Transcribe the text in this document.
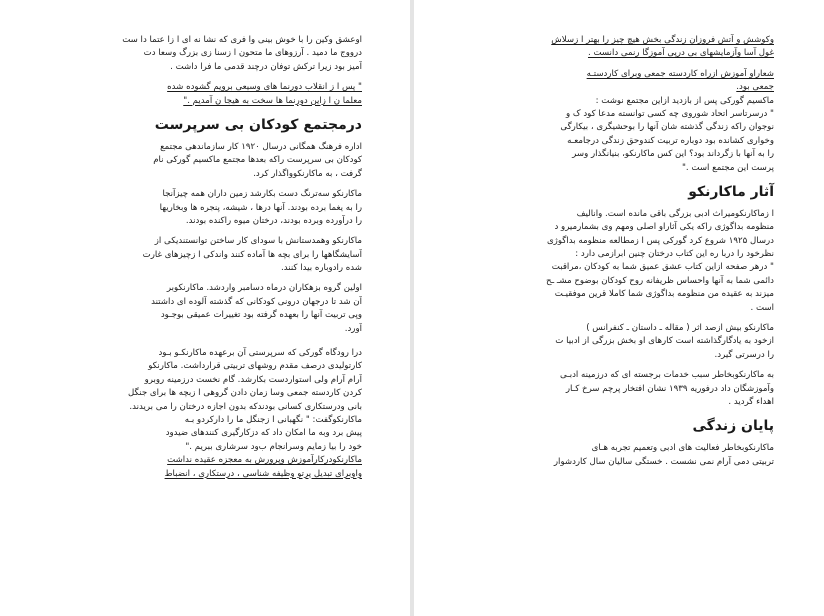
اوعشق وكين را با خوش بينى وا فرى كه نشا نه ای ا زا عتما دا ست
درووج ما دمید . آرزوهای ما متحون ا زسنا زی بزرگ وسعا دت
آمیز بود زیرا ترکش توفان درچند قدمی ما فرا داشت .
" پس ا ز انقلاب دورنما های وسیعی برویم گشوده شده
معلما ن ا زاین دورنما ها سخت به هیجا ن آمدیم ."
درمجتمع کودکان بی سرپرست
اداره فرهنگ همگانی درسال ۱۹۲۰ کار سازماندهی مجتمع
کودکان بی سرپرست راکه بعدها مجتمع ماکسیم گورکی نام
گرفت ، به ماکارنکوواگذار کرد.
ماکارنکو سه‌ترنگ دست بکارشد زمین داران همه چیزآنجا
را به یغما برده بودند. آنها درها ، شیشه، پنجره ها وبخاریها
را درآورده وبرده بودند، درختان میوه راکنده بودند.
ماکارنکو وهمدستانش با سودای کار ساختن توانستندیکی از
آسایشگاهها را برای بچه ها آماده کنند واندکی ا زچیزهای غارت
شده رادوباره بیدا کنند.
اولین گروه بزهکاران درماه دسامبر واردشد. ماکارنکوبر
آن شد تا درجهان درونی کودکانی که گذشته آلوده ای داشتند
وپی تربیت آنها را بعهده گرفته بود تغییرات عمیقی بوجـود
آورد.
درا رودگاه گورکی که سرپرستی آن برعهده ماکارنکـو بـود
کارتولیدی درصف مقدم روشهای تربیتی قرارداشت. ماکارنکو
آرام آرام ولی استوارد‌ست بکارشد. گام نخست درزمینه روبرو
کردن کاردسته جمعی وسا زمان دادن گروهی ا زبچه ها برای جنگل
بانی ودرستکاری کسانی بودندکه بدون اجازه درختان را می بریدند.
ماکارنکوگفت: " نگهبانی ا زجنگل ما را دارکردو بـه
پیش برد وبه ما امکان داد که دزکارگیری کنندهای ضیدود
خود را بیا زمایم وسرانجام ب‌ود سرشاری ببریم ."
ماکارنکودرکارآموزش وپرورش به معجزه عقیده نداشت
واوبرای تبدیل پرتو وظیفه شناسی ، درستکاری ، انضباط
وکوشش و آتش فروزان زندگی بخش هیچ چیز را بهتر ا زسلاش
غول آسا وآزمایشهای بی درپی آموزگا رنمی دانست .
شعاراو آموزش ازراه کاردسته جمعی وبرای کاردستـه
جمعی بود.
ماکسیم گورکی پس از بازدید ازاین مجتمع نوشت :
" درسرتاسر اتحاد شوروی چه کسی توانسته مدعا کود ک و
نوجوان راکه زندگی گذشته شان آنها را بوحشیگری ، بیکارگی
وخواری کشانده بود دوباره تربیت کندوحق زندگی درجامعـه
را به آنها با زگرداند بود؟ این کس ماکارنکو، بنیانگذار وسر
پرست این مجتمع است ."
آثار ماکارنکو
ا زماکارنکومیراث ادبی بزرگی باقی مانده است. وانالیف
منظومه بداگوژی راکه یکی آثاراو اصلی ومهم وی بشمارمیرو د
درسال ۱۹۲۵ شروع کرد گورکی پس ا زمطالعه منظومه بداگوژی
نظرخود را دربا ره این کتاب درختان چنین ابرازمی دارد :
" درهر صفحه ازاین کتاب عشق عمیق شما به کودکان ،مراقبت
دائمی شما به آنها واحساس ظریفانه روح کودکان بوضوح مشـ ـح
میزند به عقیده من منظومه بداگوژی شما کاملا قرین موفقیـت
است .
ماکارنکو بیش ازصد اثر ( مقاله ـ داستان ـ کنفرانس )
ازخود به یادگارگذاشته است کارهای او بخش بزرگی از ادبیا ت
را درسرتی گیرد.
به ماکارنکوبخاطر سبب خدمات برجسته ای که درزمینه ادبـی
وآموزشگان داد درفوریه ۱۹۳۹ نشان افتخار پرچم سرخ کـار
اهداء گردید .
پایان زندگی
ماکارنکوبخاطر فعالیت های ادبی وتعمیم تجربه هـای
تربیتی دمی آرام نمی نشست . خستگی سالیان سال کاردشوار
